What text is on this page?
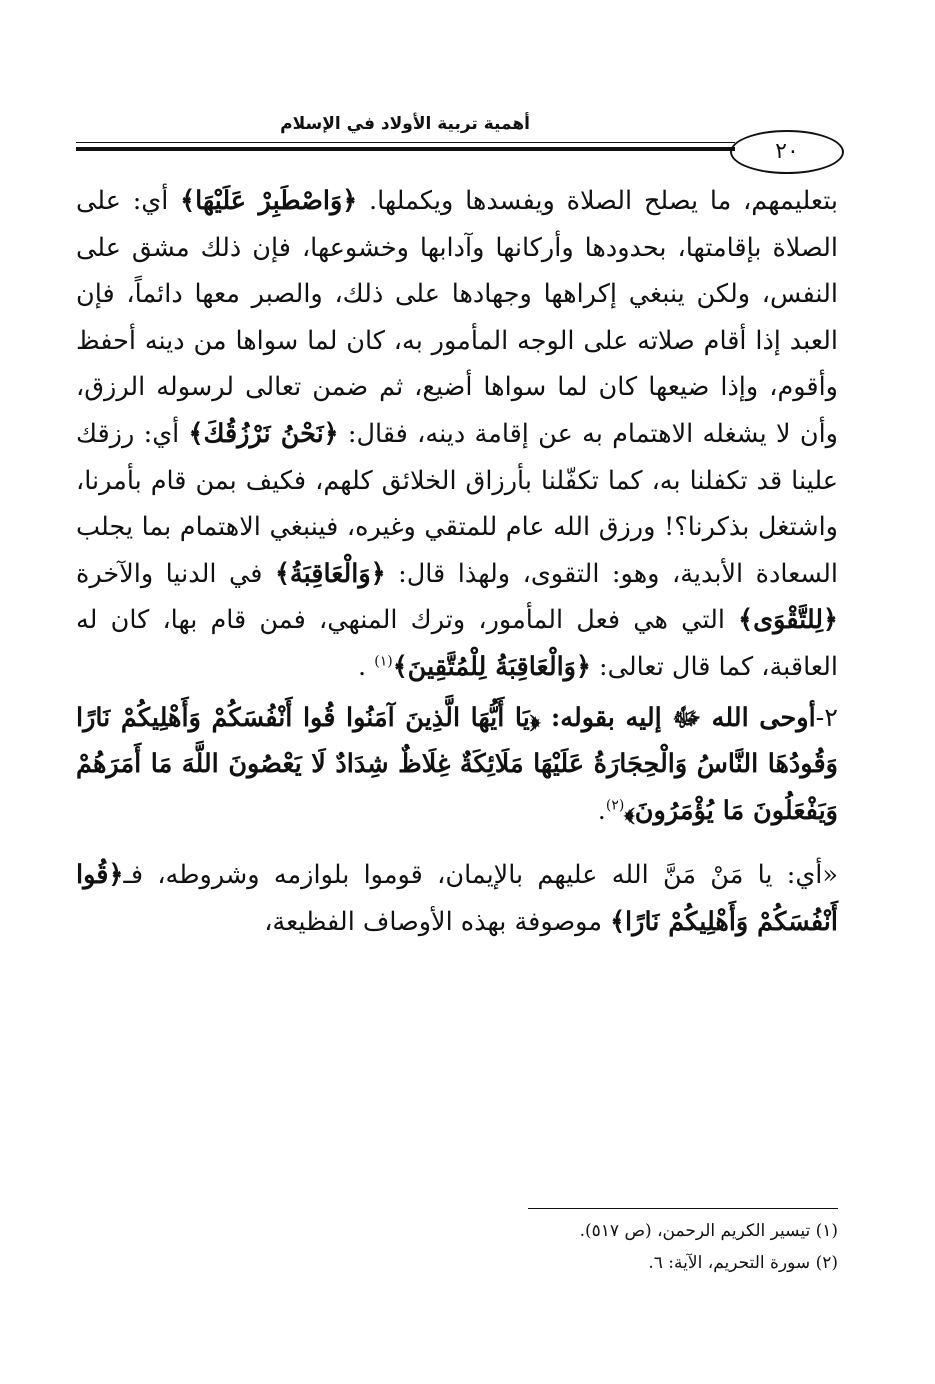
أهمية تربية الأولاد في الإسلام
٢٠

بتعليمهم، ما يصلح الصلاة ويفسدها ويكملها. ﴿وَاصْطَبِرْ عَلَيْهَا﴾ أي: على الصلاة بإقامتها، بحدودها وأركانها وآدابها وخشوعها، فإن ذلك مشق على النفس، ولكن ينبغي إكراهها وجهادها على ذلك، والصبر معها دائماً، فإن العبد إذا أقام صلاته على الوجه المأمور به، كان لما سواها من دينه أحفظ وأقوم، وإذا ضيعها كان لما سواها أضيع، ثم ضمن تعالى لرسوله الرزق، وأن لا يشغله الاهتمام به عن إقامة دينه، فقال: ﴿نَحْنُ نَرْزُقُكَ﴾ أي: رزقك علينا قد تكفلنا به، كما تكفّلنا بأرزاق الخلائق كلهم، فكيف بمن قام بأمرنا، واشتغل بذكرنا؟! ورزق الله عام للمتقي وغيره، فينبغي الاهتمام بما يجلب السعادة الأبدية، وهو: التقوى، ولهذا قال: ﴿وَالْعَاقِبَةُ﴾ في الدنيا والآخرة ﴿لِلتَّقْوَى﴾ التي هي فعل المأمور، وترك المنهي، فمن قام بها، كان له العاقبة، كما قال تعالى: ﴿وَالْعَاقِبَةُ لِلْمُتَّقِينَ﴾$^{(١)}$ .

٢-أوحى الله ﷻ إليه بقوله: ﴿يَا أَيُّهَا الَّذِينَ آمَنُوا قُوا أَنْفُسَكُمْ وَأَهْلِيكُمْ نَارًا وَقُودُهَا النَّاسُ وَالْحِجَارَةُ عَلَيْهَا مَلَائِكَةٌ غِلَاظٌ شِدَادٌ لَا يَعْصُونَ اللَّهَ مَا أَمَرَهُمْ وَيَفْعَلُونَ مَا يُؤْمَرُونَ﴾$^{(٢)}$.

«أي: يا مَنْ مَنَّ الله عليهم بالإيمان، قوموا بلوازمه وشروطه، فـ﴿قُوا أَنْفُسَكُمْ وَأَهْلِيكُمْ نَارًا﴾ موصوفة بهذه الأوصاف الفظيعة،

(١) تيسير الكريم الرحمن، (ص ٥١٧).

(٢) سورة التحريم، الآية: ٦.
